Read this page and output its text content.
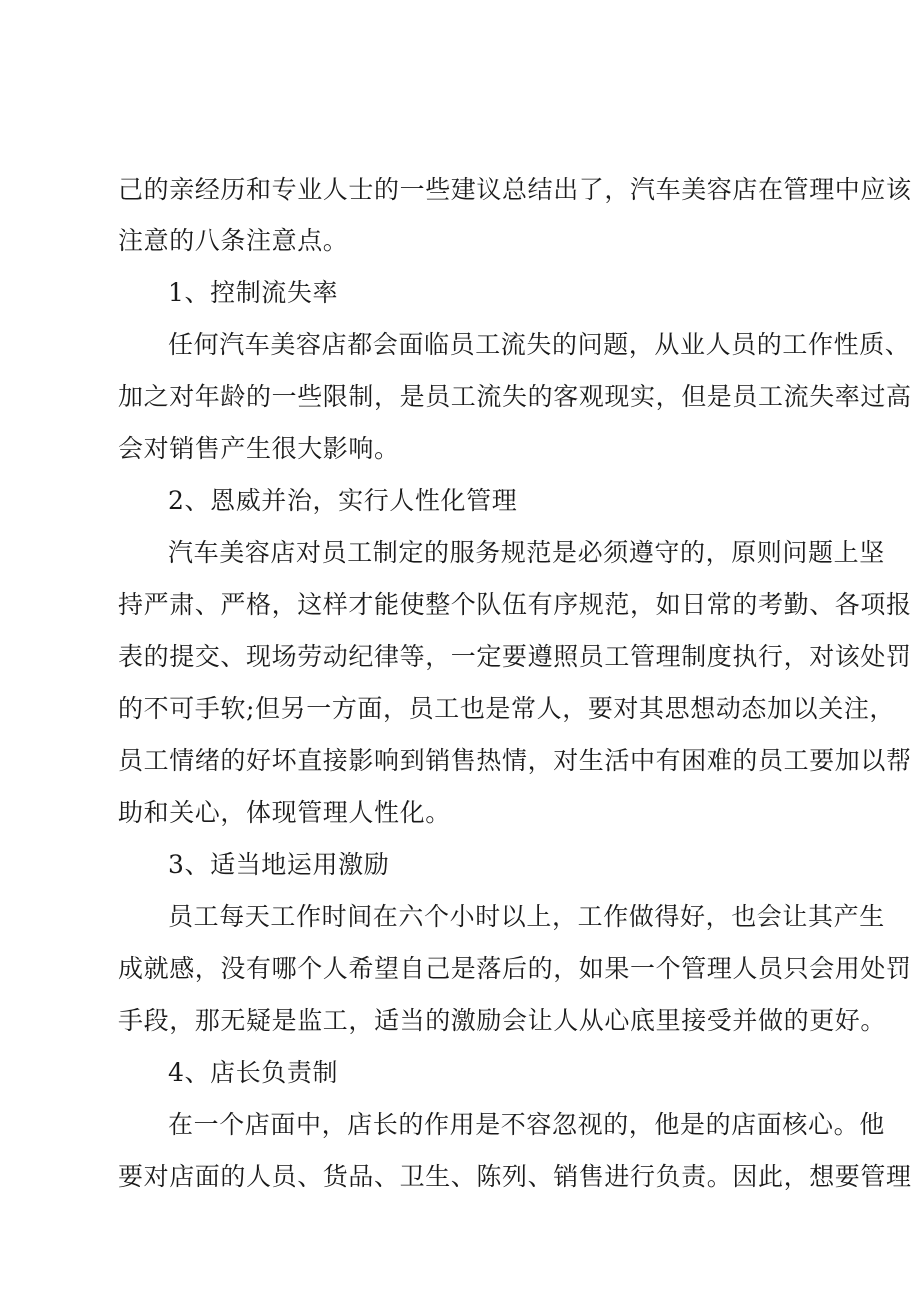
己的亲经历和专业人士的一些建议总结出了，汽车美容店在管理中应该
注意的八条注意点。
1、控制流失率
任何汽车美容店都会面临员工流失的问题，从业人员的工作性质、
加之对年龄的一些限制，是员工流失的客观现实，但是员工流失率过高
会对销售产生很大影响。
2、恩威并治，实行人性化管理
汽车美容店对员工制定的服务规范是必须遵守的，原则问题上坚
持严肃、严格，这样才能使整个队伍有序规范，如日常的考勤、各项报
表的提交、现场劳动纪律等，一定要遵照员工管理制度执行，对该处罚
的不可手软;但另一方面，员工也是常人，要对其思想动态加以关注，
员工情绪的好坏直接影响到销售热情，对生活中有困难的员工要加以帮
助和关心，体现管理人性化。
3、适当地运用激励
员工每天工作时间在六个小时以上，工作做得好，也会让其产生
成就感，没有哪个人希望自己是落后的，如果一个管理人员只会用处罚
手段，那无疑是监工，适当的激励会让人从心底里接受并做的更好。
4、店长负责制
在一个店面中，店长的作用是不容忽视的，他是的店面核心。他
要对店面的人员、货品、卫生、陈列、销售进行负责。因此，想要管理
